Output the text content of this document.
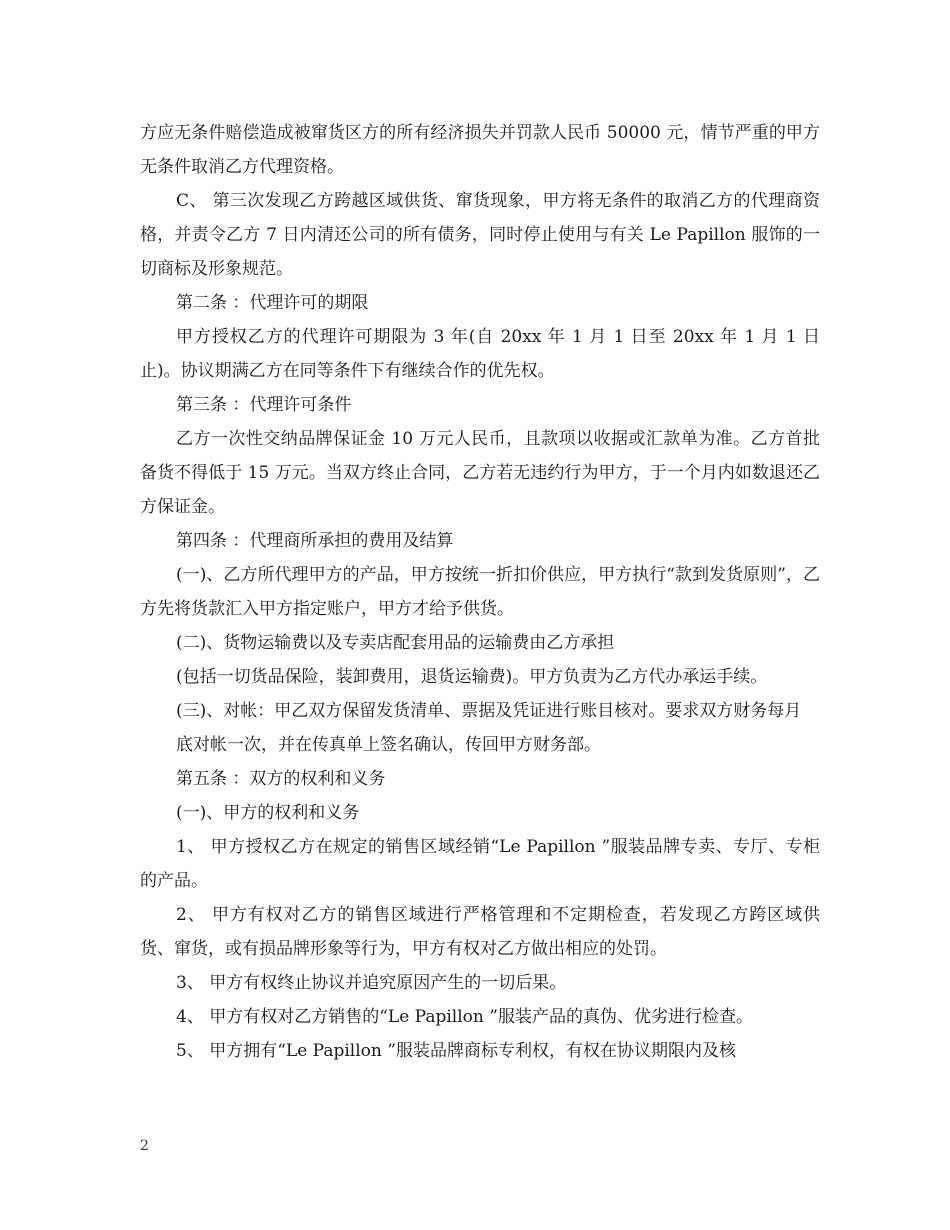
方应无条件赔偿造成被窜货区方的所有经济损失并罚款人民币 50000 元，情节严重的甲方无条件取消乙方代理资格。

C、 第三次发现乙方跨越区域供货、窜货现象，甲方将无条件的取消乙方的代理商资格，并责令乙方 7 日内清还公司的所有债务，同时停止使用与有关 Le Papillon 服饰的一切商标及形象规范。

第二条 ：代理许可的期限

甲方授权乙方的代理许可期限为 3 年(自 20xx 年 1 月 1 日至 20xx 年 1 月 1 日止)。协议期满乙方在同等条件下有继续合作的优先权。

第三条 ：代理许可条件

乙方一次性交纳品牌保证金 10 万元人民币，且款项以收据或汇款单为准。乙方首批备货不得低于 15 万元。当双方终止合同，乙方若无违约行为甲方，于一个月内如数退还乙方保证金。

第四条 ：代理商所承担的费用及结算

(一)、乙方所代理甲方的产品，甲方按统一折扣价供应，甲方执行“款到发货原则”，乙方先将货款汇入甲方指定账户，甲方才给予供货。

(二)、货物运输费以及专卖店配套用品的运输费由乙方承担

(包括一切货品保险，装卸费用，退货运输费)。甲方负责为乙方代办承运手续。

(三)、对帐：甲乙双方保留发货清单、票据及凭证进行账目核对。要求双方财务每月

底对帐一次，并在传真单上签名确认，传回甲方财务部。

第五条 ：双方的权利和义务

(一)、甲方的权利和义务

1、 甲方授权乙方在规定的销售区域经销“Le Papillon ”服装品牌专卖、专厅、专柜的产品。

2、 甲方有权对乙方的销售区域进行严格管理和不定期检查，若发现乙方跨区域供货、窜货，或有损品牌形象等行为，甲方有权对乙方做出相应的处罚。

3、 甲方有权终止协议并追究原因产生的一切后果。

4、 甲方有权对乙方销售的“Le Papillon ”服装产品的真伪、优劣进行检查。

5、 甲方拥有“Le Papillon ”服装品牌商标专利权，有权在协议期限内及核

2
